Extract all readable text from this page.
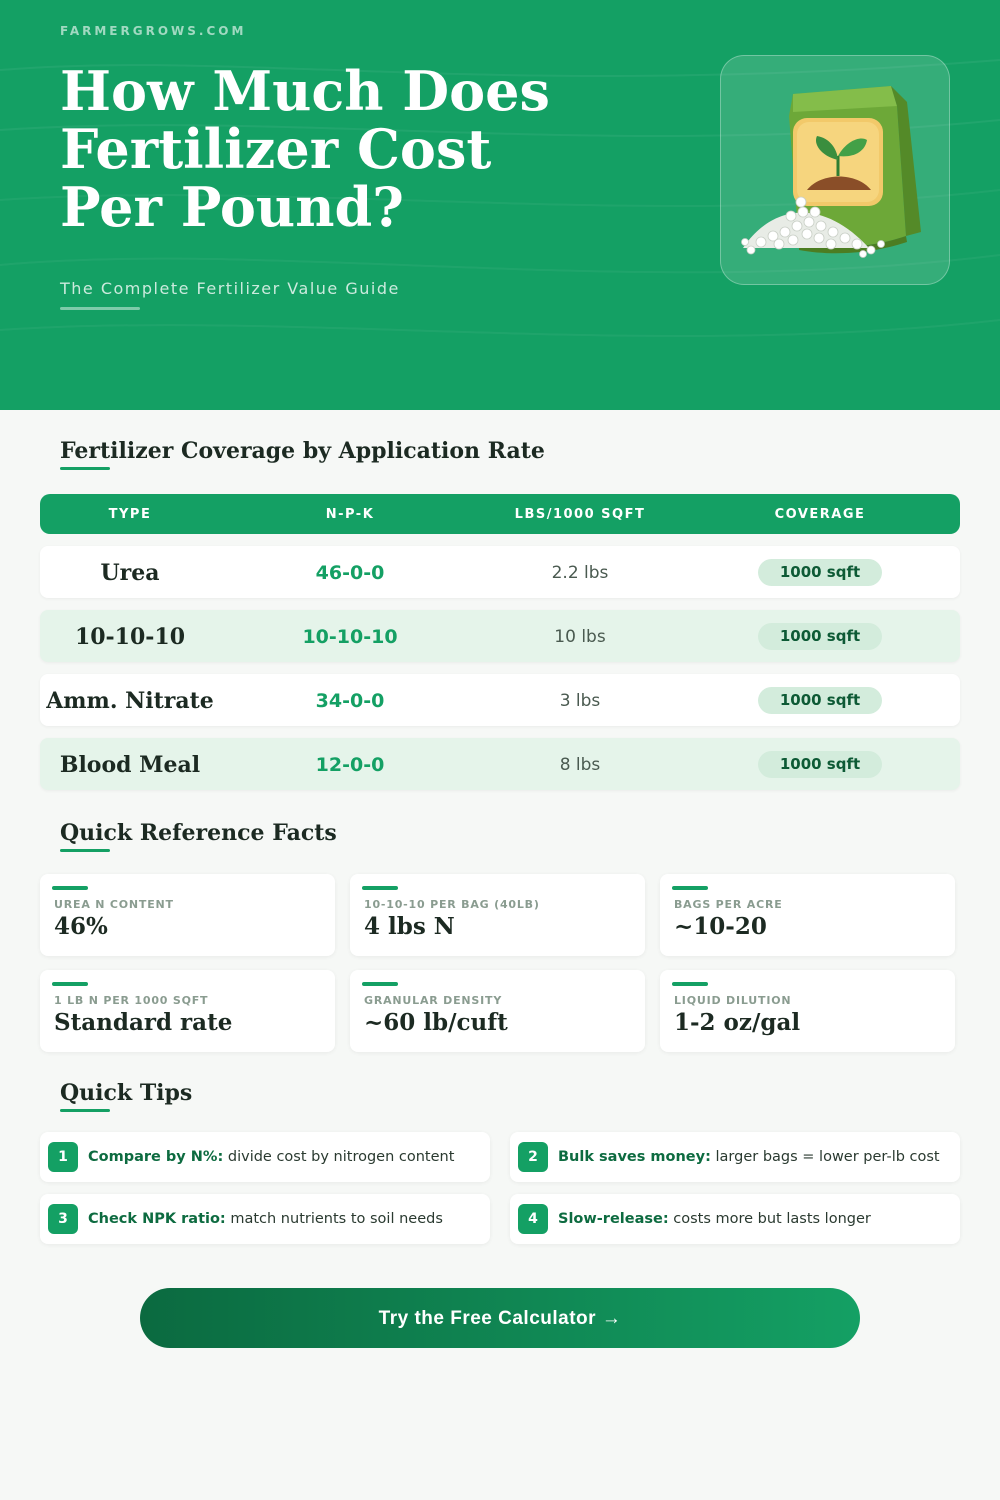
FARMERGROWS.COM
How Much Does
Fertilizer Cost
Per Pound?
The Complete Fertilizer Value Guide
Fertilizer Coverage by Application Rate
TYPE	N-P-K	LBS/1000 SQFT	COVERAGE
Urea	46-0-0	2.2 lbs	1000 sqft
10-10-10	10-10-10	10 lbs	1000 sqft
Amm. Nitrate	34-0-0	3 lbs	1000 sqft
Blood Meal	12-0-0	8 lbs	1000 sqft
Quick Reference Facts
UREA N CONTENT
46%
10-10-10 PER BAG (40LB)
4 lbs N
BAGS PER ACRE
~10-20
1 LB N PER 1000 SQFT
Standard rate
GRANULAR DENSITY
~60 lb/cuft
LIQUID DILUTION
1-2 oz/gal
Quick Tips
1	Compare by N%: divide cost by nitrogen content	2	Bulk saves money: larger bags = lower per-lb cost
3	Check NPK ratio: match nutrients to soil needs	4	Slow-release: costs more but lasts longer
Try the Free Calculator →
